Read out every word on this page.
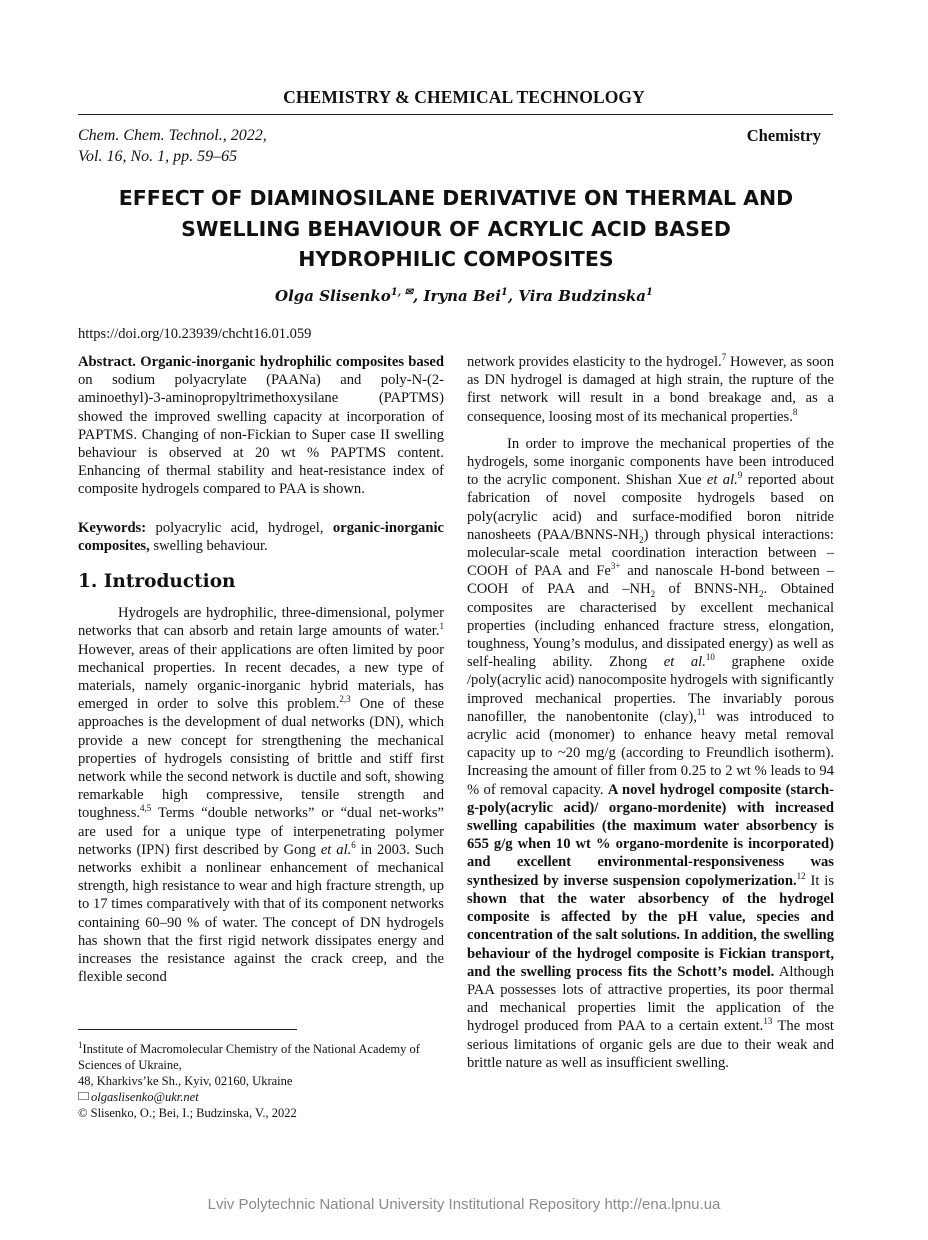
CHEMISTRY & CHEMICAL TECHNOLOGY
Chem. Chem. Technol., 2022,
Vol. 16, No. 1, pp. 59‒65
Chemistry
EFFECT OF DIAMINOSILANE DERIVATIVE ON THERMAL AND SWELLING BEHAVIOUR OF ACRYLIC ACID BASED HYDROPHILIC COMPOSITES
Olga Slisenko$^{1, ✉}$, Iryna Bei$^1$, Vira Budzinska$^1$
https://doi.org/10.23939/chcht16.01.059

Abstract. Organic-inorganic hydrophilic composites based on sodium polyacrylate (PAANa) and poly-N-(2-aminoethyl)-3-aminopropyltrimethoxysilane (PAPTMS) showed the improved swelling capacity at incorporation of PAPTMS. Changing of non-Fickian to Super case II swelling behaviour is observed at 20 wt % PAPTMS content. Enhancing of thermal stability and heat-resistance index of composite hydrogels compared to PAA is shown.

Keywords: polyacrylic acid, hydrogel, organic-inorganic composites, swelling behaviour.

1. Introduction

Hydrogels are hydrophilic, three-dimensional, polymer networks that can absorb and retain large amounts of water.$^1$ However, areas of their applications are often limited by poor mechanical properties. In recent decades, a new type of materials, namely organic-inorganic hybrid materials, has emerged in order to solve this problem.$^{2,3}$ One of these approaches is the development of dual networks (DN), which provide a new concept for strengthening the mechanical properties of hydrogels consisting of brittle and stiff first network while the second network is ductile and soft, showing remarkable high compressive, tensile strength and toughness.$^{4,5}$ Terms “double networks” or “dual net-works” are used for a unique type of interpenetrating polymer networks (IPN) first described by Gong et al.$^6$ in 2003. Such networks exhibit a nonlinear enhancement of mechanical strength, high resistance to wear and high fracture strength, up to 17 times comparatively with that of its component networks containing 60–90 % of water. The concept of DN hydrogels has shown that the first rigid network dissipates energy and increases the resistance against the crack creep, and the flexible second

network provides elasticity to the hydrogel.$^7$ However, as soon as DN hydrogel is damaged at high strain, the rupture of the first network will result in a bond breakage and, as a consequence, loosing most of its mechanical properties.$^8$

In order to improve the mechanical properties of the hydrogels, some inorganic components have been introduced to the acrylic component. Shishan Xue et al.$^9$ reported about fabrication of novel composite hydrogels based on poly(acrylic acid) and surface-modified boron nitride nanosheets $(PAA/BNNS-NH_2)$ through physical interactions: molecular-scale metal coordination interaction between –COOH of PAA and $Fe^{3+}$ and nanoscale H-bond between –COOH of PAA and $-NH_2$ of BNNS-$NH_2$. Obtained composites are characterised by excellent mechanical properties (including enhanced fracture stress, elongation, toughness, Young’s modulus, and dissipated energy) as well as self-healing ability. Zhong et al.$^{10}$ graphene oxide /poly(acrylic acid) nanocomposite hydrogels with significantly improved mechanical properties. The invariably porous nanofiller, the nanobentonite (clay),$^{11}$ was introduced to acrylic acid (monomer) to enhance heavy metal removal capacity up to ~20 mg/g (according to Freundlich isotherm). Increasing the amount of filler from 0.25 to 2 wt % leads to 94 % of removal capacity. A novel hydrogel composite (starch-g-poly(acrylic acid)/ organo-mordenite) with increased swelling capabilities (the maximum water absorbency is 655 g/g when 10 wt % organo-mordenite is incorporated) and excellent environmental-responsiveness was synthesized by inverse suspension copolymerization.$^{12}$ It is shown that the water absorbency of the hydrogel composite is affected by the pH value, species and concentration of the salt solutions. In addition, the swelling behaviour of the hydrogel composite is Fickian transport, and the swelling process fits the Schott’s model. Although PAA possesses lots of attractive properties, its poor thermal and mechanical properties limit the application of the hydrogel produced from PAA to a certain extent.$^{13}$ The most serious limitations of organic gels are due to their weak and brittle nature as well as insufficient swelling.

$^1$Institute of Macromolecular Chemistry of the National Academy of Sciences of Ukraine,

48, Kharkivs’ke Sh., Kyiv, 02160, Ukraine

olgaslisenko@ukr.net

© Slisenko, O.; Bei, I.; Budzinska, V., 2022

Lviv Polytechnic National University Institutional Repository http://ena.lpnu.ua
